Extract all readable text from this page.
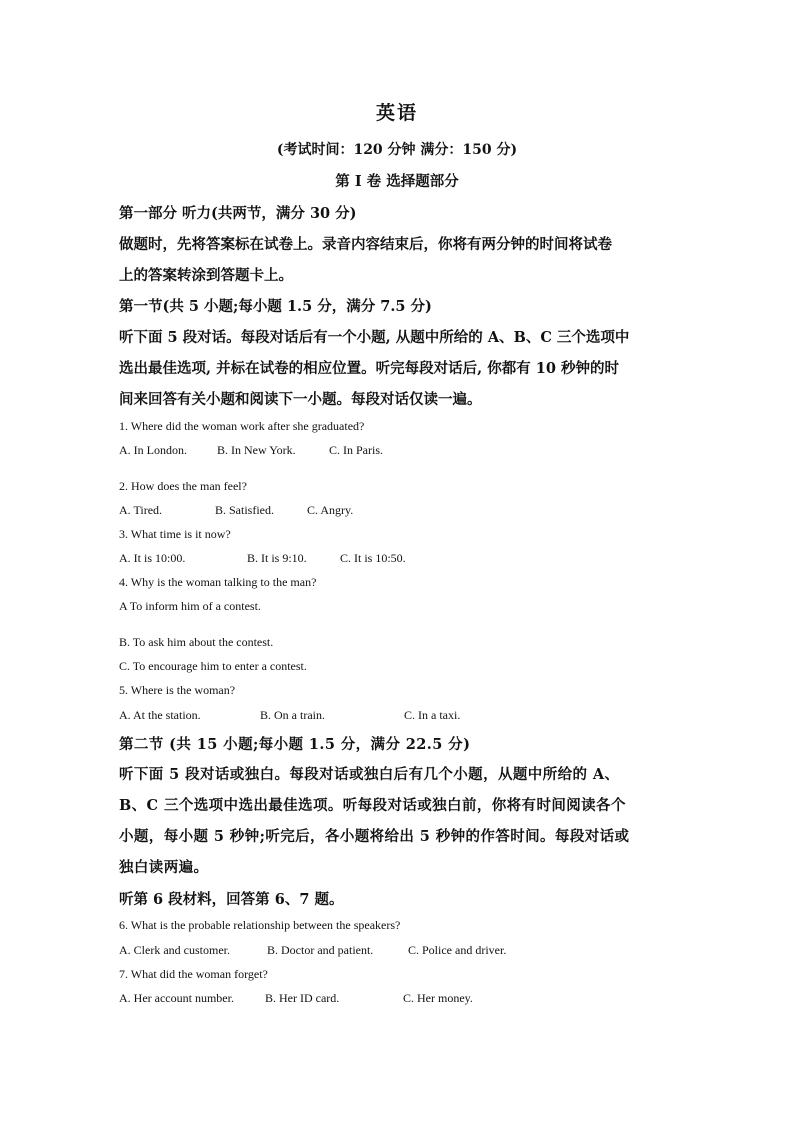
英语
(考试时间：120 分钟 满分：150 分)
第 I 卷 选择题部分
第一部分 听力(共两节，满分 30 分)
做题时，先将答案标在试卷上。录音内容结束后，你将有两分钟的时间将试卷
上的答案转涂到答题卡上。
第一节(共 5 小题;每小题 1.5 分，满分 7.5 分)
听下面 5 段对话。每段对话后有一个小题, 从题中所给的 A、B、C 三个选项中
选出最佳选项, 并标在试卷的相应位置。听完每段对话后, 你都有 10 秒钟的时
间来回答有关小题和阅读下一小题。每段对话仅读一遍。
1. Where did the woman work after she graduated?
A. In London.	B. In New York.	C. In Paris.
2. How does the man feel?
A. Tired.	B. Satisfied.	C. Angry.
3. What time is it now?
A. It is 10:00.	B. It is 9:10.	C. It is 10:50.
4. Why is the woman talking to the man?
A To inform him of a contest.
B. To ask him about the contest.
C. To encourage him to enter a contest.
5. Where is the woman?
A. At the station.	B. On a train.	C. In a taxi.
第二节 (共 15 小题;每小题 1.5 分，满分 22.5 分)
听下面 5 段对话或独白。每段对话或独白后有几个小题，从题中所给的 A、
B、C 三个选项中选出最佳选项。听每段对话或独白前，你将有时间阅读各个
小题，每小题 5 秒钟;听完后，各小题将给出 5 秒钟的作答时间。每段对话或
独白读两遍。
听第 6 段材料，回答第 6、7 题。
6. What is the probable relationship between the speakers?
A. Clerk and customer.	B. Doctor and patient.	C. Police and driver.
7. What did the woman forget?
A. Her account number.	B. Her ID card.	C. Her money.
